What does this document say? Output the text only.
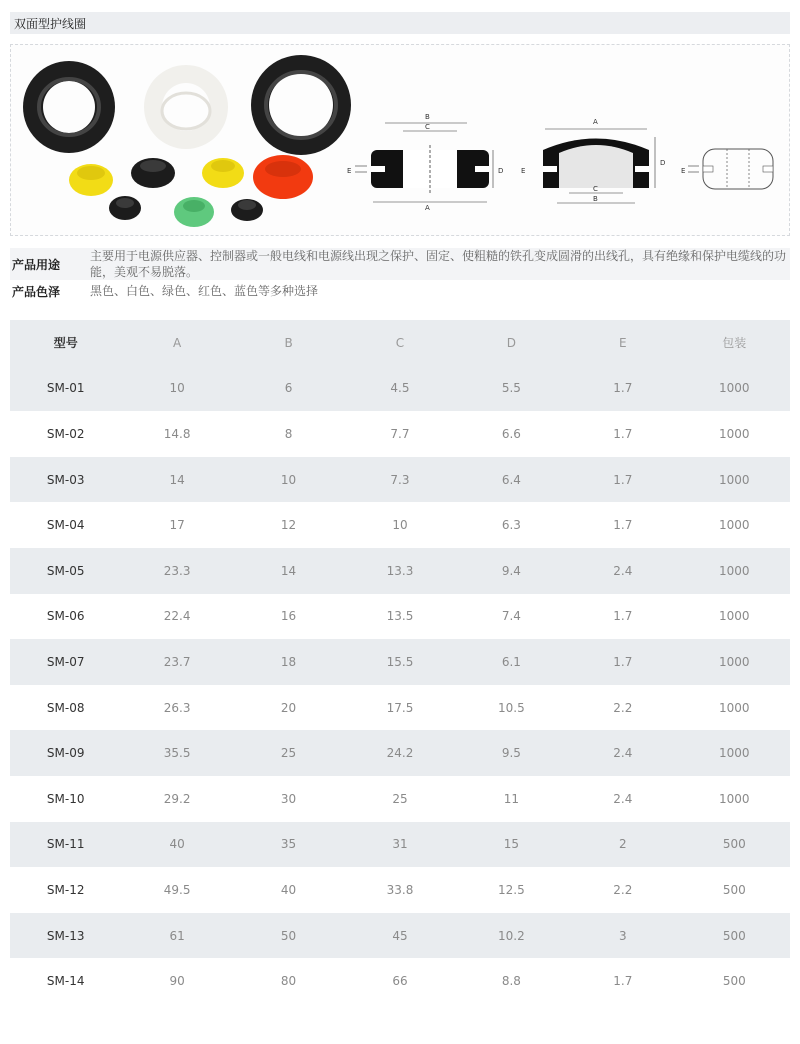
双面型护线圈
B
C
A
D
E
A
C
B
D
E	E
产品用途
主要用于电源供应器、控制器或一般电线和电源线出现之保护、固定、使粗糙的铁孔变成圆滑的出线孔，具有绝缘和保护电缆线的功能，美观不易脱落。
产品色泽 黑色、白色、绿色、红色、蓝色等多种选择
型号	A	B	C	D	E	包装
SM-01	10	6	4.5	5.5	1.7	1000
SM-02	14.8	8	7.7	6.6	1.7	1000
SM-03	14	10	7.3	6.4	1.7	1000
SM-04	17	12	10	6.3	1.7	1000
SM-05	23.3	14	13.3	9.4	2.4	1000
SM-06	22.4	16	13.5	7.4	1.7	1000
SM-07	23.7	18	15.5	6.1	1.7	1000
SM-08	26.3	20	17.5	10.5	2.2	1000
SM-09	35.5	25	24.2	9.5	2.4	1000
SM-10	29.2	30	25	11	2.4	1000
SM-11	40	35	31	15	2	500
SM-12	49.5	40	33.8	12.5	2.2	500
SM-13	61	50	45	10.2	3	500
SM-14	90	80	66	8.8	1.7	500
